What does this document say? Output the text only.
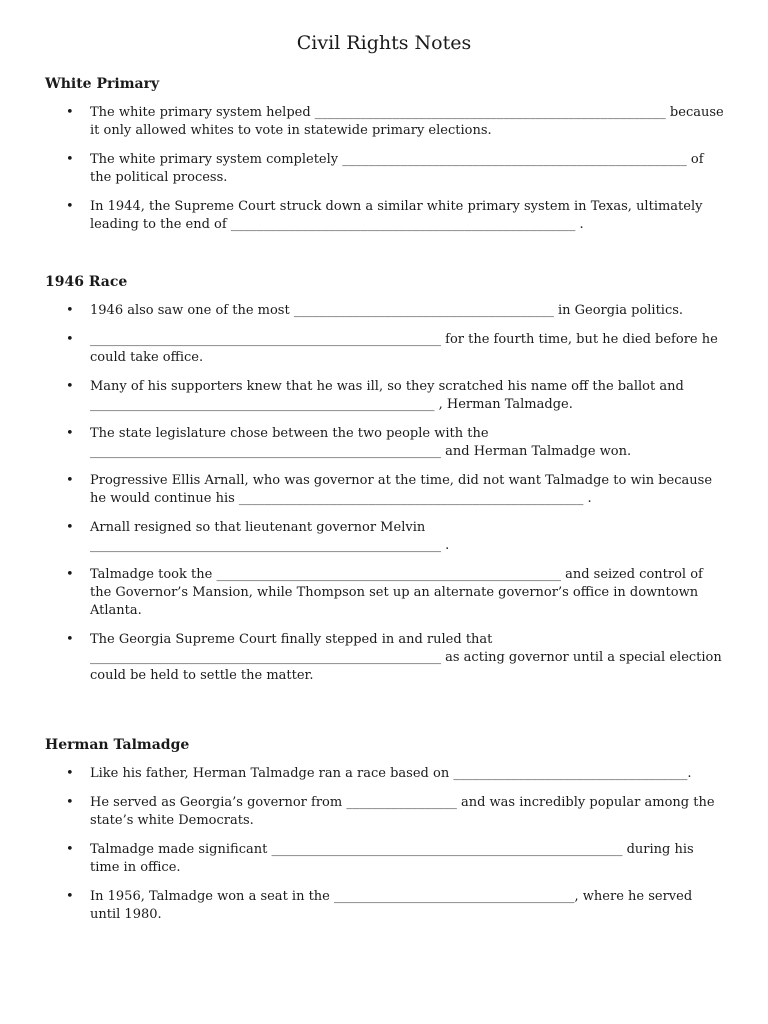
Civil Rights Notes
White Primary
• The white primary system helped ______________________________________________________ because it only allowed whites to vote in statewide primary elections.
• The white primary system completely _____________________________________________________ of the political process.
• In 1944, the Supreme Court struck down a similar white primary system in Texas, ultimately leading to the end of _____________________________________________________ .
1946 Race
• 1946 also saw one of the most ________________________________________ in Georgia politics.
• ______________________________________________________ for the fourth time, but he died before he could take office.
• Many of his supporters knew that he was ill, so they scratched his name off the ballot and _____________________________________________________ , Herman Talmadge.
• The state legislature chose between the two people with the ______________________________________________________ and Herman Talmadge won.
• Progressive Ellis Arnall, who was governor at the time, did not want Talmadge to win because he would continue his _____________________________________________________ .
• Arnall resigned so that lieutenant governor Melvin ______________________________________________________ .
• Talmadge took the _____________________________________________________ and seized control of the Governor’s Mansion, while Thompson set up an alternate governor’s office in downtown Atlanta.
• The Georgia Supreme Court finally stepped in and ruled that ______________________________________________________ as acting governor until a special election could be held to settle the matter.
Herman Talmadge
• Like his father, Herman Talmadge ran a race based on ____________________________________.
• He served as Georgia’s governor from _________________ and was incredibly popular among the state’s white Democrats.
• Talmadge made significant ______________________________________________________ during his time in office.
• In 1956, Talmadge won a seat in the _____________________________________, where he served until 1980.
